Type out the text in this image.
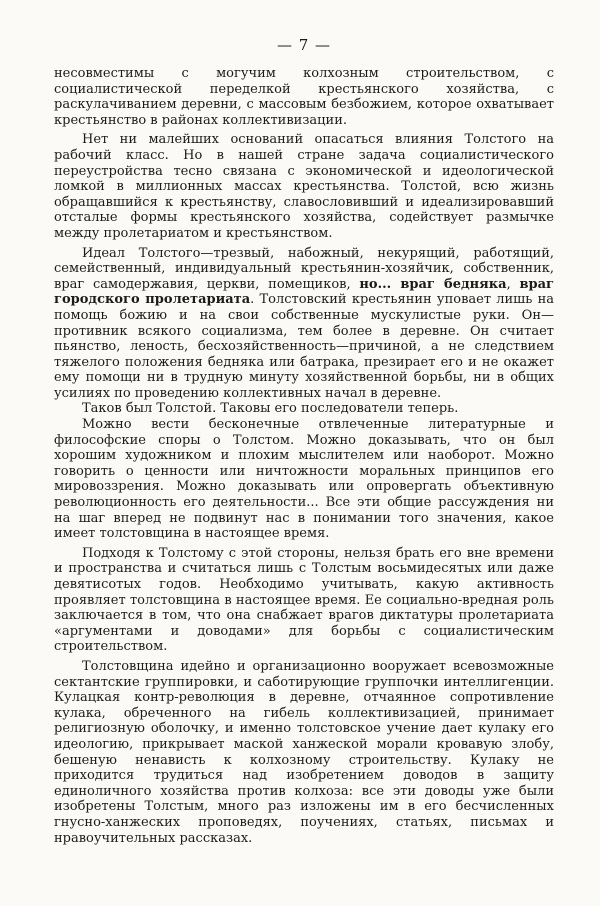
— 7 —

несовместимы с могучим колхозным строительством, с социалистической переделкой крестьянского хозяйства, с раскулачиванием деревни, с массовым безбожием, которое охватывает крестьянство в районах коллективизации.

Нет ни малейших оснований опасаться влияния Толстого на рабочий класс. Но в нашей стране задача социалистического переустройства тесно связана с экономической и идеологической ломкой в миллионных массах крестьянства. Толстой, всю жизнь обращавшийся к крестьянству, славословивший и идеализировавший отсталые формы крестьянского хозяйства, содействует размычке между пролетариатом и крестьянством.

Идеал Толстого—трезвый, набожный, некурящий, работящий, семейственный, индивидуальный крестьянин-хозяйчик, собственник, враг самодержавия, церкви, помещиков, но... враг бедняка, враг городского пролетариата. Толстовский крестьянин уповает лишь на помощь божию и на свои собственные мускулистые руки. Он—противник всякого социализма, тем более в деревне. Он считает пьянство, леность, бесхозяйственность—причиной, а не следствием тяжелого положения бедняка или батрака, презирает его и не окажет ему помощи ни в трудную минуту хозяйственной борьбы, ни в общих усилиях по проведению коллективных начал в деревне.

Таков был Толстой. Таковы его последователи теперь.

Можно вести бесконечные отвлеченные литературные и философские споры о Толстом. Можно доказывать, что он был хорошим художником и плохим мыслителем или наоборот. Можно говорить о ценности или ничтожности моральных принципов его мировоззрения. Можно доказывать или опровергать объективную революционность его деятельности... Все эти общие рассуждения ни на шаг вперед не подвинут нас в понимании того значения, какое имеет толстовщина в настоящее время.

Подходя к Толстому с этой стороны, нельзя брать его вне времени и пространства и считаться лишь с Толстым восьмидесятых или даже девятисотых годов. Необходимо учитывать, какую активность проявляет толстовщина в настоящее время. Ее социально-вредная роль заключается в том, что она снабжает врагов диктатуры пролетариата «аргументами и доводами» для борьбы с социалистическим строительством.

Толстовщина идейно и организационно вооружает всевозможные сектантские группировки, и саботирующие группочки интеллигенции. Кулацкая контр-революция в деревне, отчаянное сопротивление кулака, обреченного на гибель коллективизацией, принимает религиозную оболочку, и именно толстовское учение дает кулаку его идеологию, прикрывает маской ханжеской морали кровавую злобу, бешеную ненависть к колхозному строительству. Кулаку не приходится трудиться над изобретением доводов в защиту единоличного хозяйства против колхоза: все эти доводы уже были изобретены Толстым, много раз изложены им в его бесчисленных гнусно-ханжеских проповедях, поучениях, статьях, письмах и нравоучительных рассказах.
